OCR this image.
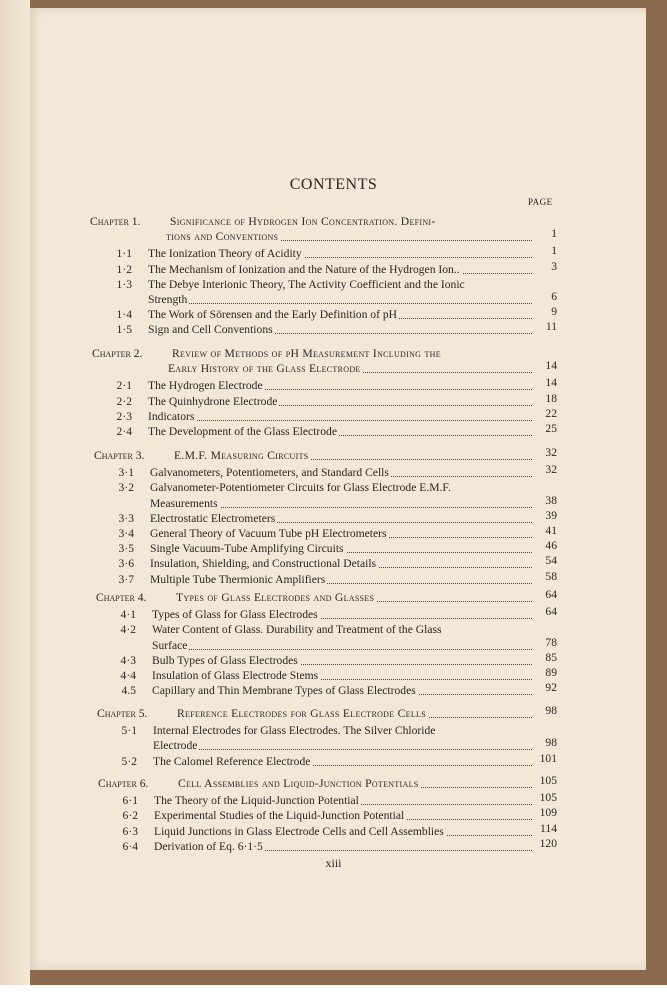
CONTENTS
PAGE
Chapter 1.	Significance of Hydrogen Ion Concentration. Defini-
tions and Conventions	1
1·1 The Ionization Theory of Acidity	1
1·2 The Mechanism of Ionization and the Nature of the Hydrogen Ion..	3
1·3 The Debye Interionic Theory, The Activity Coefficient and the Ionic
Strength	6
1·4 The Work of Sörensen and the Early Definition of pH	9
1·5 Sign and Cell Conventions	11
Chapter 2.	Review of Methods of pH Measurement Including the
Early History of the Glass Electrode	14
2·1 The Hydrogen Electrode	14
2·2 The Quinhydrone Electrode	18
2·3 Indicators	22
2·4 The Development of the Glass Electrode	25
Chapter 3.	E.M.F. Measuring Circuits	32
3·1 Galvanometers, Potentiometers, and Standard Cells	32
3·2 Galvanometer-Potentiometer Circuits for Glass Electrode E.M.F.
Measurements	38
3·3 Electrostatic Electrometers	39
3·4 General Theory of Vacuum Tube pH Electrometers	41
3·5 Single Vacuum-Tube Amplifying Circuits	46
3·6 Insulation, Shielding, and Constructional Details	54
3·7 Multiple Tube Thermionic Amplifiers	58
Chapter 4.	Types of Glass Electrodes and Glasses	64
4·1 Types of Glass for Glass Electrodes	64
4·2 Water Content of Glass. Durability and Treatment of the Glass
Surface	78
4·3 Bulb Types of Glass Electrodes	85
4·4 Insulation of Glass Electrode Stems	89
4.5 Capillary and Thin Membrane Types of Glass Electrodes	92
Chapter 5.	Reference Electrodes for Glass Electrode Cells	98
5·1 Internal Electrodes for Glass Electrodes. The Silver Chloride
Electrode	98
5·2 The Calomel Reference Electrode	101
Chapter 6.	Cell Assemblies and Liquid-Junction Potentials	105
6·1 The Theory of the Liquid-Junction Potential	105
6·2 Experimental Studies of the Liquid-Junction Potential	109
6·3 Liquid Junctions in Glass Electrode Cells and Cell Assemblies	114
6·4 Derivation of Eq. 6·1·5	120
xiii
